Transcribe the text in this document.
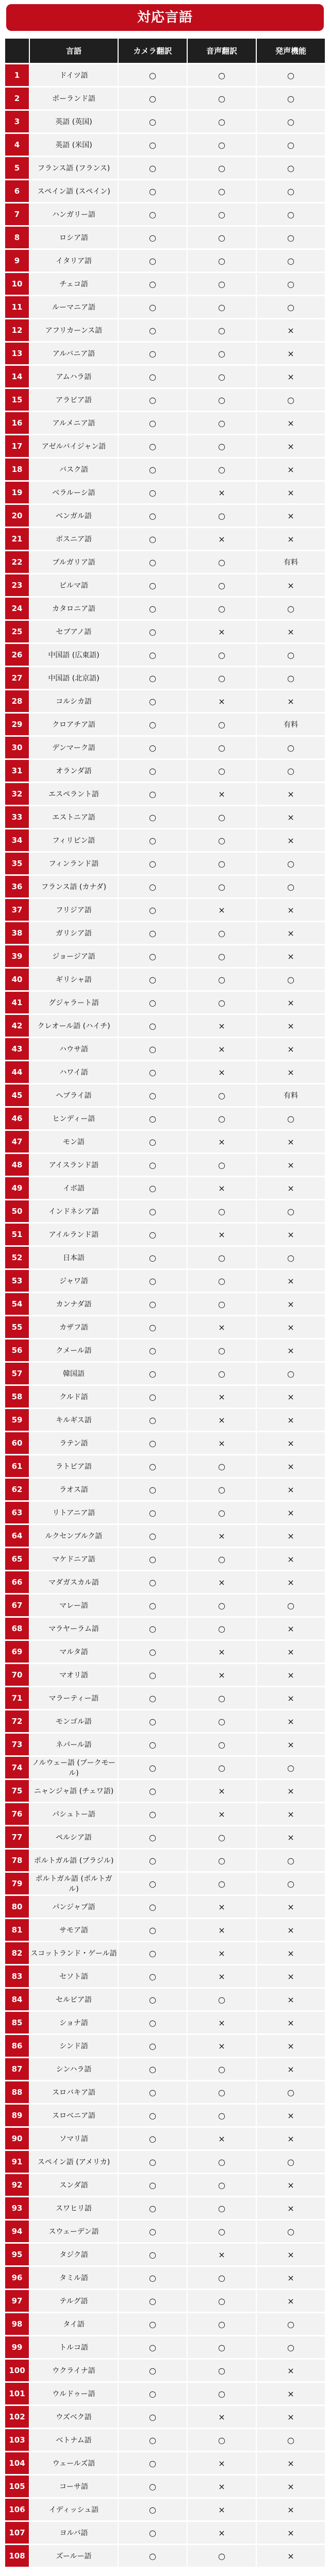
対応言語
	言語	カメラ翻訳	音声翻訳	発声機能
1	ドイツ語	○	○	○
2	ポーランド語	○	○	○
3	英語 (英国)	○	○	○
4	英語 (米国)	○	○	○
5	フランス語 (フランス)	○	○	○
6	スペイン語 (スペイン)	○	○	○
7	ハンガリー語	○	○	○
8	ロシア語	○	○	○
9	イタリア語	○	○	○
10	チェコ語	○	○	○
11	ルーマニア語	○	○	○
12	アフリカーンス語	○	○	×
13	アルバニア語	○	○	×
14	アムハラ語	○	○	×
15	アラビア語	○	○	○
16	アルメニア語	○	○	×
17	アゼルバイジャン語	○	○	×
18	バスク語	○	○	×
19	ベラルーシ語	○	×	×
20	ベンガル語	○	○	×
21	ボスニア語	○	×	×
22	ブルガリア語	○	○	有料
23	ビルマ語	○	○	×
24	カタロニア語	○	○	○
25	セブアノ語	○	×	×
26	中国語 (広東語)	○	○	○
27	中国語 (北京語)	○	○	○
28	コルシカ語	○	×	×
29	クロアチア語	○	○	有料
30	デンマーク語	○	○	○
31	オランダ語	○	○	○
32	エスペラント語	○	×	×
33	エストニア語	○	○	×
34	フィリピン語	○	○	×
35	フィンランド語	○	○	○
36	フランス語 (カナダ)	○	○	○
37	フリジア語	○	×	×
38	ガリシア語	○	○	×
39	ジョージア語	○	○	×
40	ギリシャ語	○	○	○
41	グジャラート語	○	○	×
42	クレオール語 (ハイチ)	○	×	×
43	ハウサ語	○	×	×
44	ハワイ語	○	×	×
45	ヘブライ語	○	○	有料
46	ヒンディー語	○	○	○
47	モン語	○	×	×
48	アイスランド語	○	○	×
49	イボ語	○	×	×
50	インドネシア語	○	○	○
51	アイルランド語	○	×	×
52	日本語	○	○	○
53	ジャワ語	○	○	×
54	カンナダ語	○	○	×
55	カザフ語	○	×	×
56	クメール語	○	○	×
57	韓国語	○	○	○
58	クルド語	○	×	×
59	キルギス語	○	×	×
60	ラテン語	○	×	×
61	ラトビア語	○	○	×
62	ラオス語	○	○	×
63	リトアニア語	○	○	×
64	ルクセンブルク語	○	×	×
65	マケドニア語	○	○	×
66	マダガスカル語	○	×	×
67	マレー語	○	○	○
68	マラヤーラム語	○	○	×
69	マルタ語	○	×	×
70	マオリ語	○	×	×
71	マラーティー語	○	○	×
72	モンゴル語	○	○	×
73	ネパール語	○	○	×
74	ノルウェー語 (ブークモール)	○	○	○
75	ニャンジャ語 (チェワ語)	○	×	×
76	パシュトー語	○	×	×
77	ペルシア語	○	○	×
78	ポルトガル語 (ブラジル)	○	○	○
79	ポルトガル語 (ポルトガル)	○	○	○
80	パンジャブ語	○	×	×
81	サモア語	○	×	×
82	スコットランド・ゲール語	○	×	×
83	セソト語	○	×	×
84	セルビア語	○	○	×
85	ショナ語	○	×	×
86	シンド語	○	×	×
87	シンハラ語	○	○	×
88	スロバキア語	○	○	○
89	スロベニア語	○	○	×
90	ソマリ語	○	×	×
91	スペイン語 (アメリカ)	○	○	○
92	スンダ語	○	○	×
93	スワヒリ語	○	○	×
94	スウェーデン語	○	○	○
95	タジク語	○	×	×
96	タミル語	○	○	×
97	テルグ語	○	○	×
98	タイ語	○	○	○
99	トルコ語	○	○	○
100	ウクライナ語	○	○	×
101	ウルドゥー語	○	○	×
102	ウズベク語	○	×	×
103	ベトナム語	○	○	○
104	ウェールズ語	○	×	×
105	コーサ語	○	×	×
106	イディッシュ語	○	×	×
107	ヨルバ語	○	×	×
108	ズールー語	○	○	×
